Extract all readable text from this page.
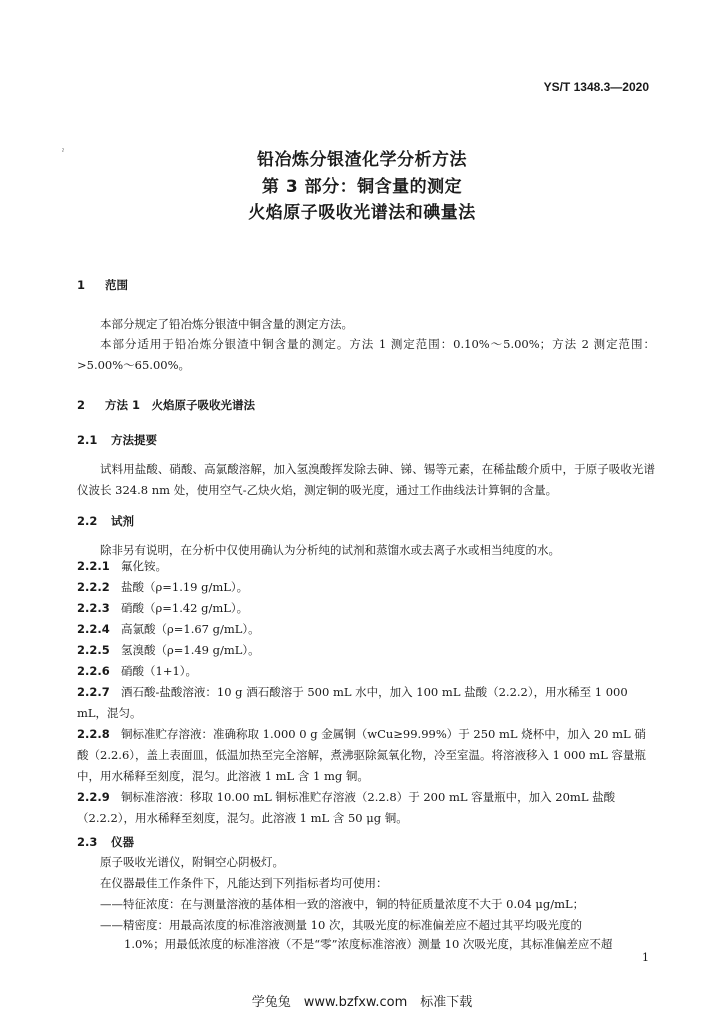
YS/T 1348.3—2020
ˀ	铅冶炼分银渣化学分析方法
第 3 部分：铜含量的测定
火焰原子吸收光谱法和碘量法
1 范围
本部分规定了铅冶炼分银渣中铜含量的测定方法。
本部分适用于铅冶炼分银渣中铜含量的测定。方法 1 测定范围：0.10%～5.00%；方法 2 测定范围：>5.00%～65.00%。
2 方法 1　火焰原子吸收光谱法
2.1 方法提要
试料用盐酸、硝酸、高氯酸溶解，加入氢溴酸挥发除去砷、锑、锡等元素，在稀盐酸介质中，于原子吸收光谱仪波长 324.8 nm 处，使用空气-乙炔火焰，测定铜的吸光度，通过工作曲线法计算铜的含量。
2.2 试剂
除非另有说明，在分析中仅使用确认为分析纯的试剂和蒸馏水或去离子水或相当纯度的水。
2.2.1 氟化铵。
2.2.2 盐酸（ρ=1.19 g/mL）。
2.2.3 硝酸（ρ=1.42 g/mL）。
2.2.4 高氯酸（ρ=1.67 g/mL）。
2.2.5 氢溴酸（ρ=1.49 g/mL）。
2.2.6 硝酸（1+1）。
2.2.7 酒石酸-盐酸溶液：10 g 酒石酸溶于 500 mL 水中，加入 100 mL 盐酸（2.2.2），用水稀至 1 000 mL，混匀。
2.2.8 铜标准贮存溶液：准确称取 1.000 0 g 金属铜（wCu≥99.99%）于 250 mL 烧杯中，加入 20 mL 硝酸（2.2.6），盖上表面皿，低温加热至完全溶解，煮沸驱除氮氧化物，冷至室温。将溶液移入 1 000 mL 容量瓶中，用水稀释至刻度，混匀。此溶液 1 mL 含 1 mg 铜。
2.2.9 铜标准溶液：移取 10.00 mL 铜标准贮存溶液（2.2.8）于 200 mL 容量瓶中，加入 20mL 盐酸（2.2.2），用水稀释至刻度，混匀。此溶液 1 mL 含 50 μg 铜。
2.3 仪器
原子吸收光谱仪，附铜空心阴极灯。
在仪器最佳工作条件下，凡能达到下列指标者均可使用：
——特征浓度：在与测量溶液的基体相一致的溶液中，铜的特征质量浓度不大于 0.04 μg/mL；
——精密度：用最高浓度的标准溶液测量 10 次，其吸光度的标准偏差应不超过其平均吸光度的
1.0%；用最低浓度的标准溶液（不是“零”浓度标准溶液）测量 10 次吸光度，其标准偏差应不超
1
学兔兔　www.bzfxw.com　标准下载
